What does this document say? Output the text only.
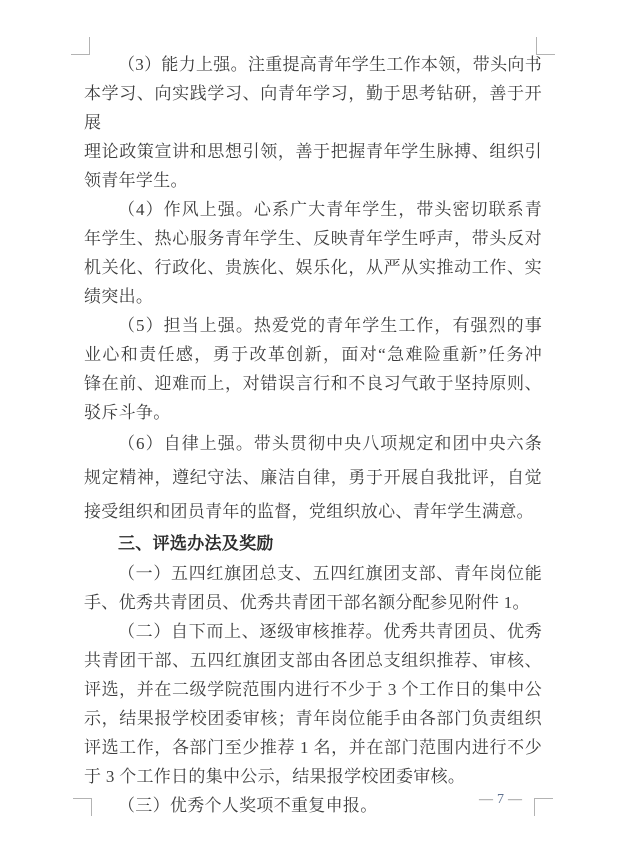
（3）能力上强。注重提高青年学生工作本领，带头向书
本学习、向实践学习、向青年学习，勤于思考钻研，善于开展
理论政策宣讲和思想引领，善于把握青年学生脉搏、组织引
领青年学生。
（4）作风上强。心系广大青年学生，带头密切联系青
年学生、热心服务青年学生、反映青年学生呼声，带头反对
机关化、行政化、贵族化、娱乐化，从严从实推动工作、实
绩突出。
（5）担当上强。热爱党的青年学生工作，有强烈的事
业心和责任感，勇于改革创新，面对“急难险重新”任务冲
锋在前、迎难而上，对错误言行和不良习气敢于坚持原则、
驳斥斗争。
（6）自律上强。带头贯彻中央八项规定和团中央六条
规定精神，遵纪守法、廉洁自律，勇于开展自我批评，自觉
接受组织和团员青年的监督，党组织放心、青年学生满意。
三、评选办法及奖励
（一）五四红旗团总支、五四红旗团支部、青年岗位能
手、优秀共青团员、优秀共青团干部名额分配参见附件 1。
（二）自下而上、逐级审核推荐。优秀共青团员、优秀
共青团干部、五四红旗团支部由各团总支组织推荐、审核、
评选，并在二级学院范围内进行不少于 3 个工作日的集中公
示，结果报学校团委审核；青年岗位能手由各部门负责组织
评选工作，各部门至少推荐 1 名，并在部门范围内进行不少
于 3 个工作日的集中公示，结果报学校团委审核。
（三）优秀个人奖项不重复申报。	— 7 —
